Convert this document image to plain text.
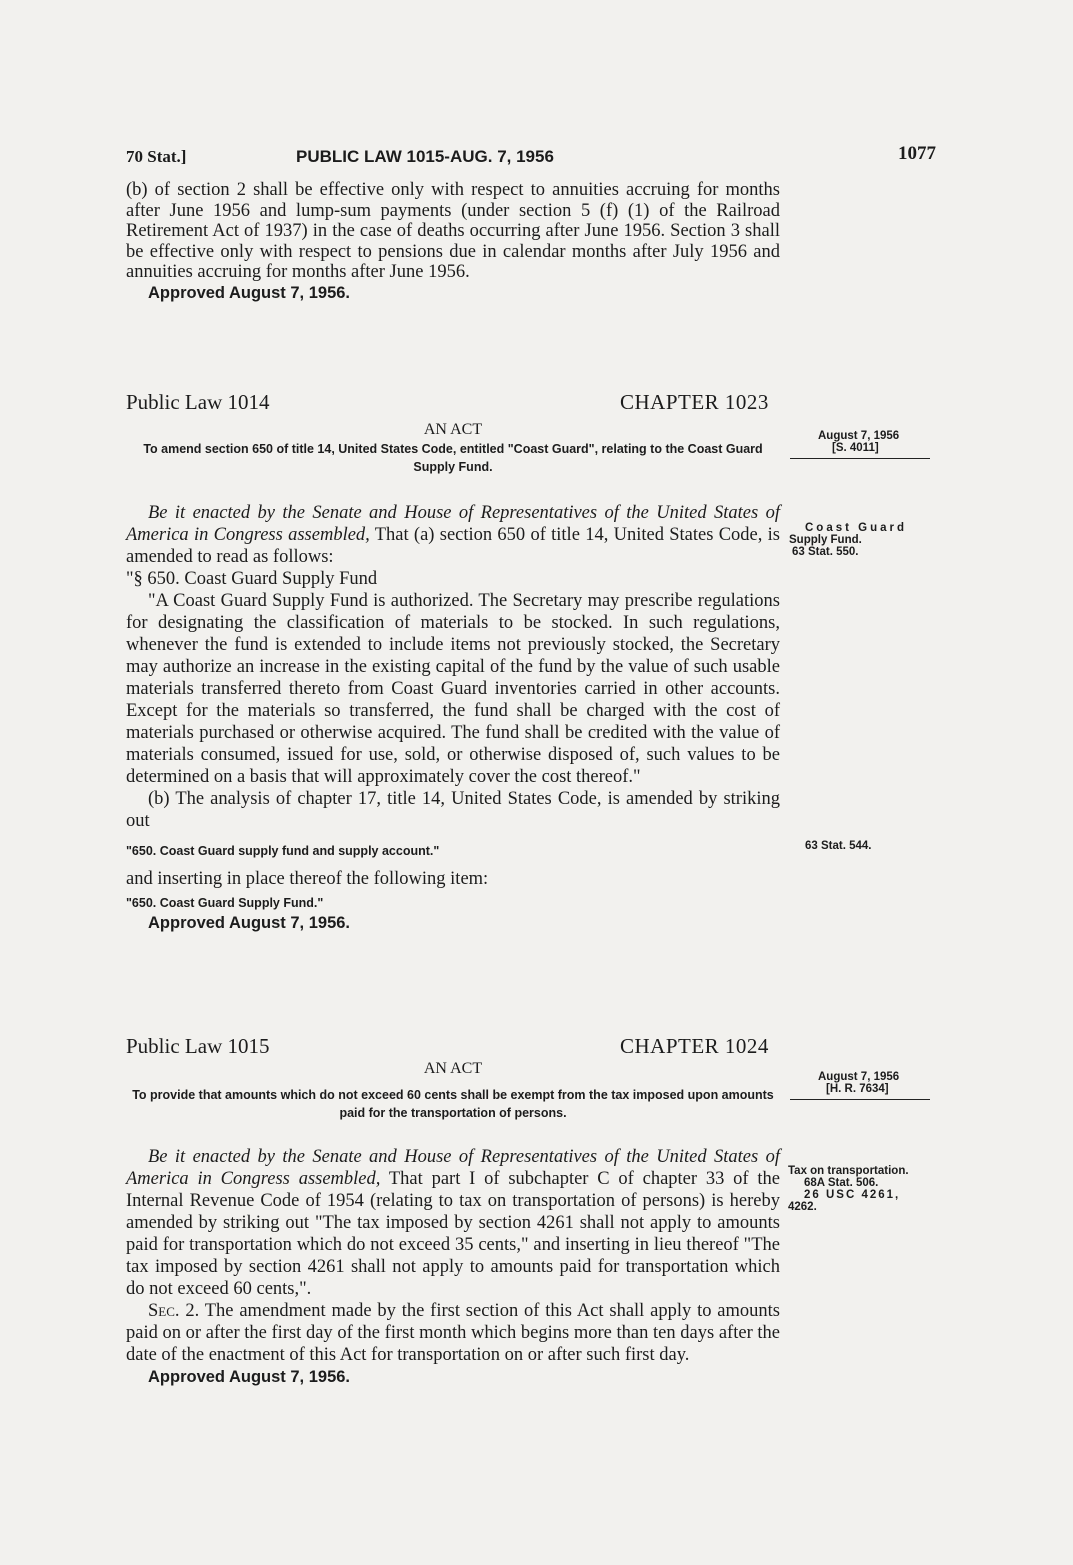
70 Stat.]	PUBLIC LAW 1015-AUG. 7, 1956	1077

(b) of section 2 shall be effective only with respect to annuities accruing for months after June 1956 and lump-sum payments (under section 5 (f) (1) of the Railroad Retirement Act of 1937) in the case of deaths occurring after June 1956. Section 3 shall be effective only with respect to pensions due in calendar months after July 1956 and annuities accruing for months after June 1956.

Approved August 7, 1956.

Public Law 1014	CHAPTER 1023
AN ACT
To amend section 650 of title 14, United States Code, entitled "Coast Guard", relating to the Coast Guard Supply Fund.
August 7, 1956
[S. 4011]

Be it enacted by the Senate and House of Representatives of the United States of America in Congress assembled, That (a) section 650 of title 14, United States Code, is amended to read as follows:

"§ 650. Coast Guard Supply Fund

"A Coast Guard Supply Fund is authorized. The Secretary may prescribe regulations for designating the classification of materials to be stocked. In such regulations, whenever the fund is extended to include items not previously stocked, the Secretary may authorize an increase in the existing capital of the fund by the value of such usable materials transferred thereto from Coast Guard inventories carried in other accounts. Except for the materials so transferred, the fund shall be charged with the cost of materials purchased or otherwise acquired. The fund shall be credited with the value of materials consumed, issued for use, sold, or otherwise disposed of, such values to be determined on a basis that will approximately cover the cost thereof."

(b) The analysis of chapter 17, title 14, United States Code, is amended by striking out

"650. Coast Guard supply fund and supply account."

and inserting in place thereof the following item:

"650. Coast Guard Supply Fund."

Approved August 7, 1956.

Coast Guard
Supply Fund.
63 Stat. 550.
63 Stat. 544.
Public Law 1015	CHAPTER 1024
AN ACT
To provide that amounts which do not exceed 60 cents shall be exempt from the tax imposed upon amounts paid for the transportation of persons.
August 7, 1956
[H. R. 7634]

Be it enacted by the Senate and House of Representatives of the United States of America in Congress assembled, That part I of subchapter C of chapter 33 of the Internal Revenue Code of 1954 (relating to tax on transportation of persons) is hereby amended by striking out "The tax imposed by section 4261 shall not apply to amounts paid for transportation which do not exceed 35 cents," and inserting in lieu thereof "The tax imposed by section 4261 shall not apply to amounts paid for transportation which do not exceed 60 cents,".

Sec. 2. The amendment made by the first section of this Act shall apply to amounts paid on or after the first day of the first month which begins more than ten days after the date of the enactment of this Act for transportation on or after such first day.

Approved August 7, 1956.

Tax on transportation.
68A Stat. 506.
26 USC 4261,
4262.
